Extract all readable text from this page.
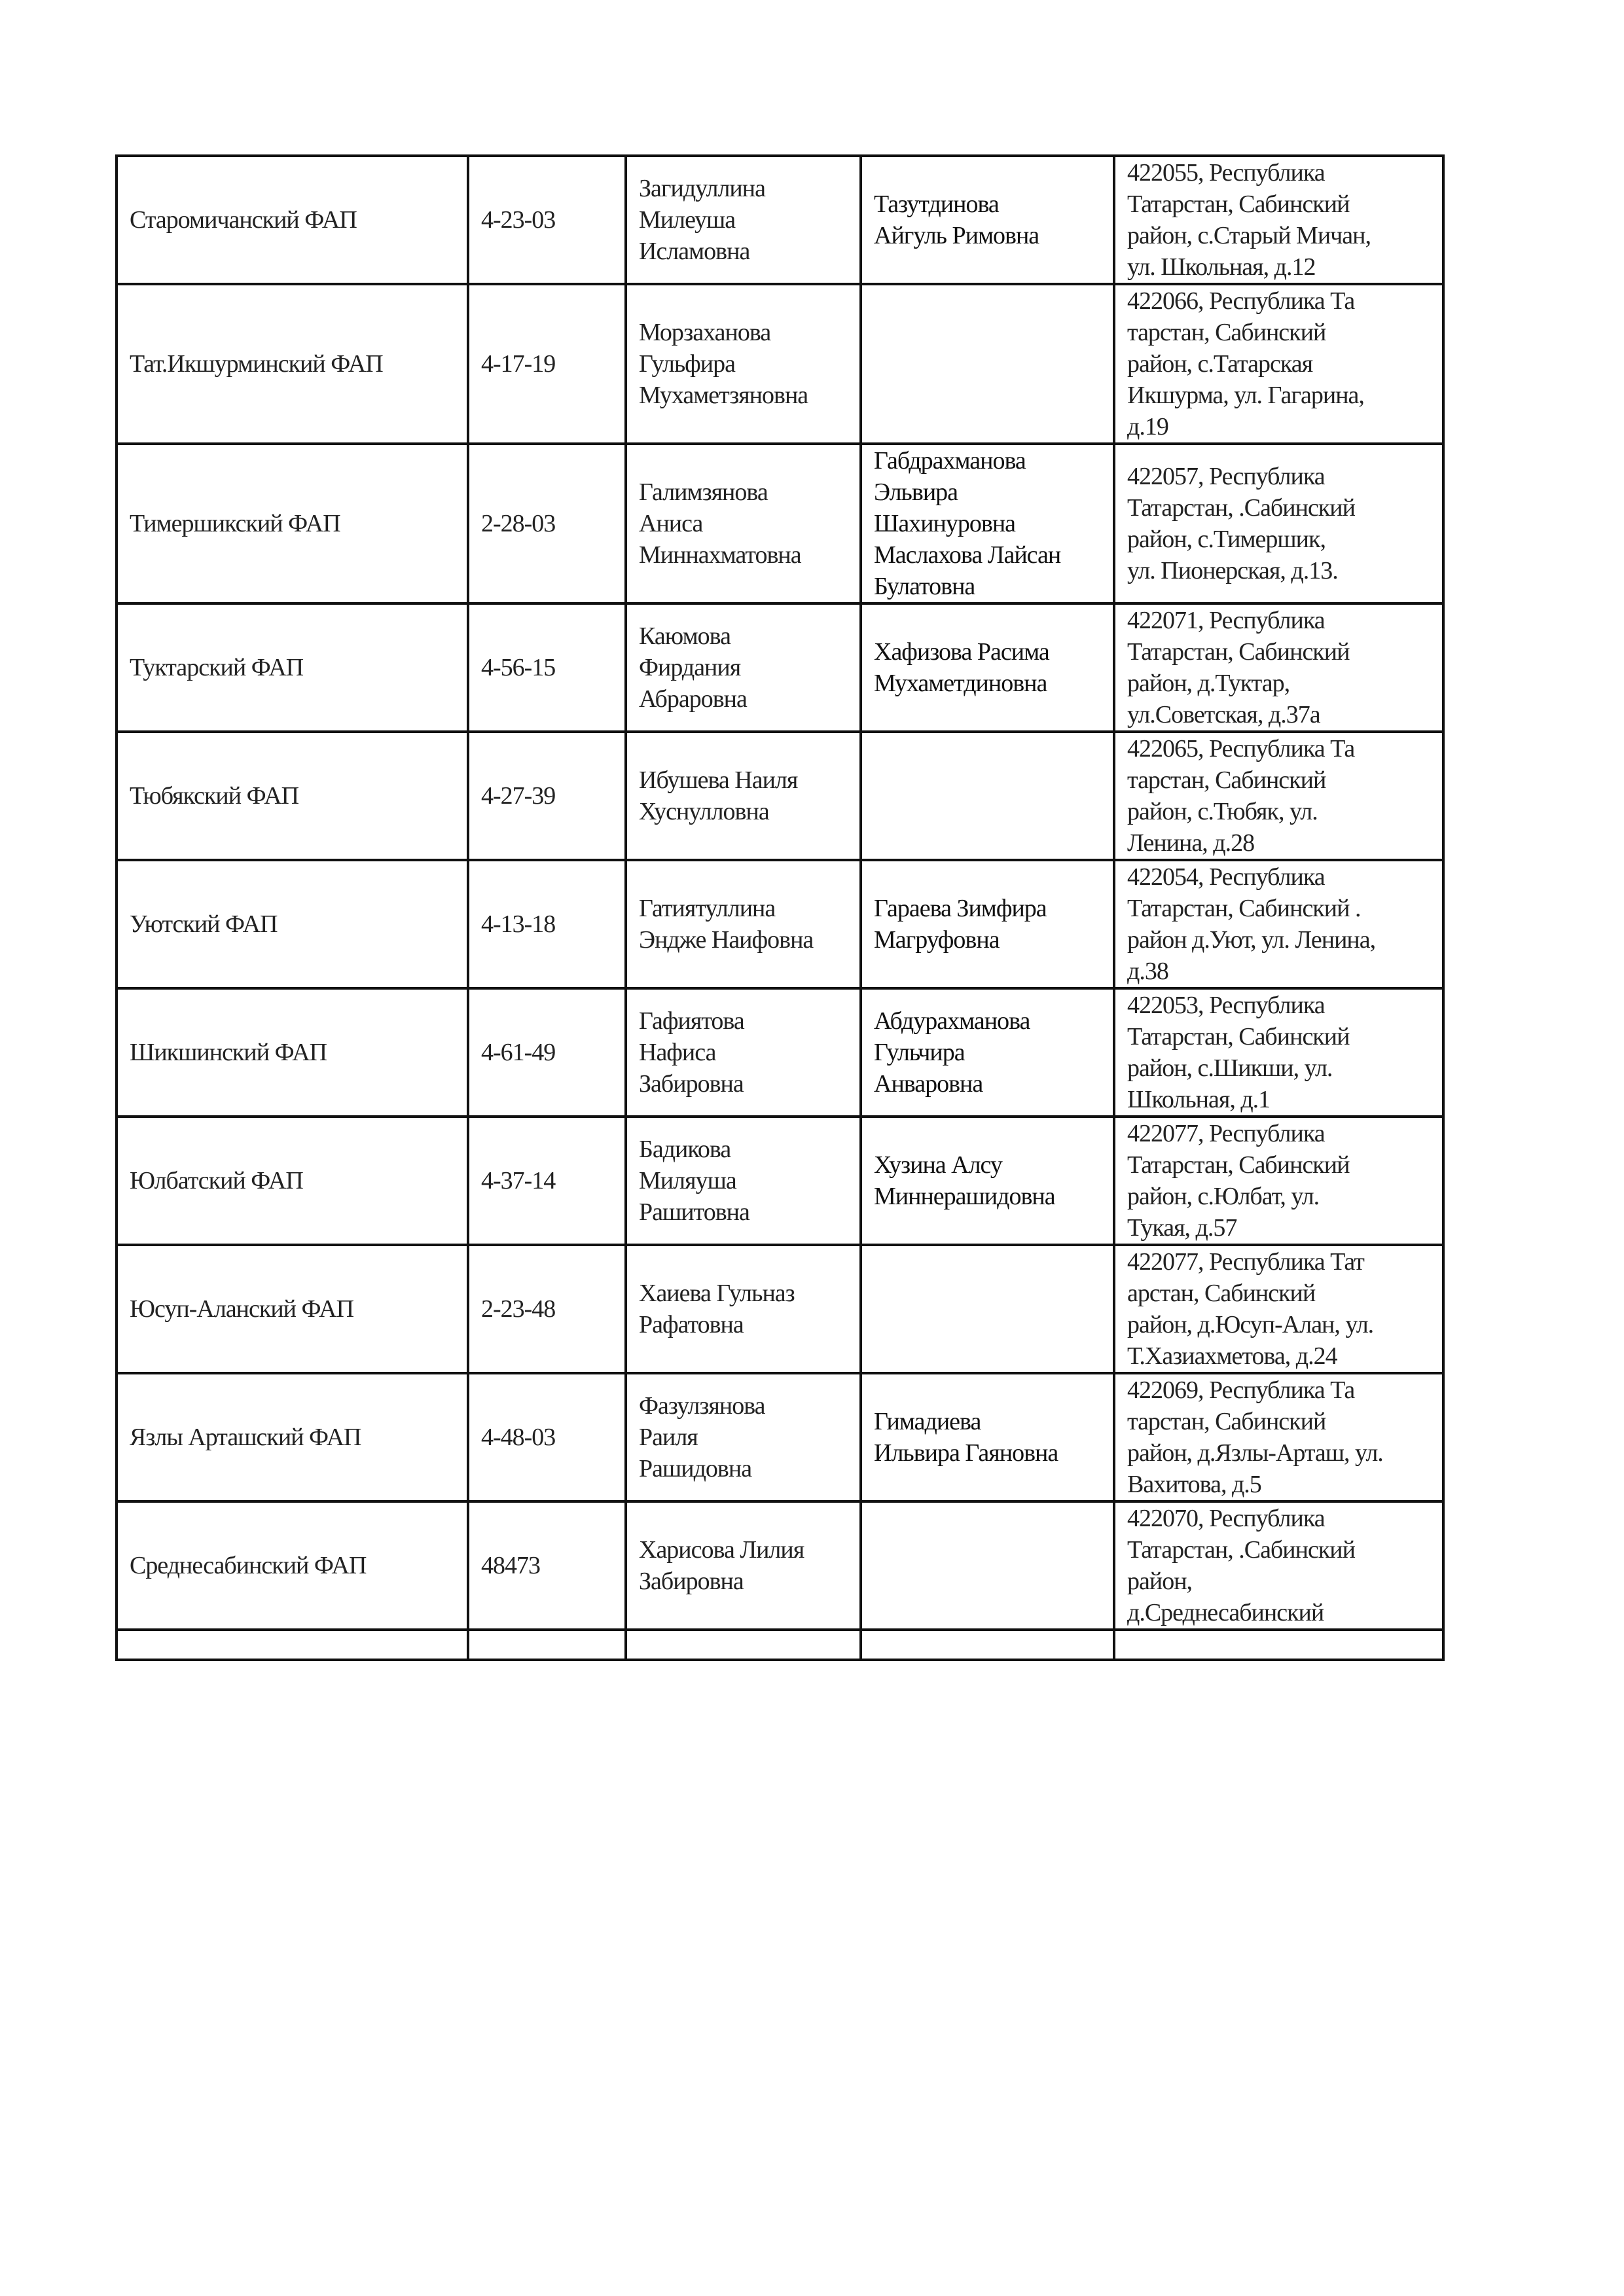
Старомичанский ФАП	4-23-03	Загидуллина
Милеуша
Исламовна	Тазутдинова
Айгуль Римовна	422055, Республика
Татарстан, Сабинский
район, с.Старый Мичан,
ул. Школьная, д.12

Тат.Икшурминский ФАП	4-17-19	Морзаханова
Гульфира
Мухаметзяновна		422066, Республика Та
тарстан, Сабинский
район, с.Татарская
Икшурма, ул. Гагарина,
д.19

Тимершикский ФАП	2-28-03	Галимзянова
Аниса
Миннахматовна	Габдрахманова
Эльвира
Шахинуровна
Маслахова Лайсан
Булатовна	422057, Республика
Татарстан, .Сабинский
район, с.Тимершик,
ул. Пионерская, д.13.

Туктарский ФАП	4-56-15	Каюмова
Фирдания
Абраровна	Хафизова Расима
Мухаметдиновна	422071, Республика
Татарстан, Сабинский
район, д.Туктар,
ул.Советская, д.37а

Тюбякский ФАП	4-27-39	Ибушева Наиля
Хуснулловна		422065, Республика Та
тарстан, Сабинский
район, с.Тюбяк, ул.
Ленина, д.28

Уютский ФАП	4-13-18	Гатиятуллина
Эндже Наифовна	Гараева Зимфира
Магруфовна	422054, Республика
Татарстан, Сабинский .
район д.Уют, ул. Ленина,
д.38

Шикшинский ФАП	4-61-49	Гафиятова
Нафиса
Забировна	Абдурахманова
Гульчира
Анваровна	422053, Республика
Татарстан, Сабинский
район, с.Шикши, ул.
Школьная, д.1

Юлбатский ФАП	4-37-14	Бадикова
Миляуша
Рашитовна	Хузина Алсу
Миннерашидовна	422077, Республика
Татарстан, Сабинский
район, с.Юлбат, ул.
Тукая, д.57

Юсуп-Аланский ФАП	2-23-48	Хаиева Гульназ
Рафатовна		422077, Республика Тат
арстан, Сабинский
район, д.Юсуп-Алан, ул.
Т.Хазиахметова, д.24

Язлы Арташский ФАП	4-48-03	Фазулзянова
Раиля
Рашидовна	Гимадиева
Ильвира Гаяновна	422069, Республика Та
тарстан, Сабинский
район, д.Язлы-Арташ, ул.
Вахитова, д.5

Среднесабинский ФАП	48473	Харисова Лилия
Забировна		422070, Республика
Татарстан, .Сабинский
район,
д.Среднесабинский
